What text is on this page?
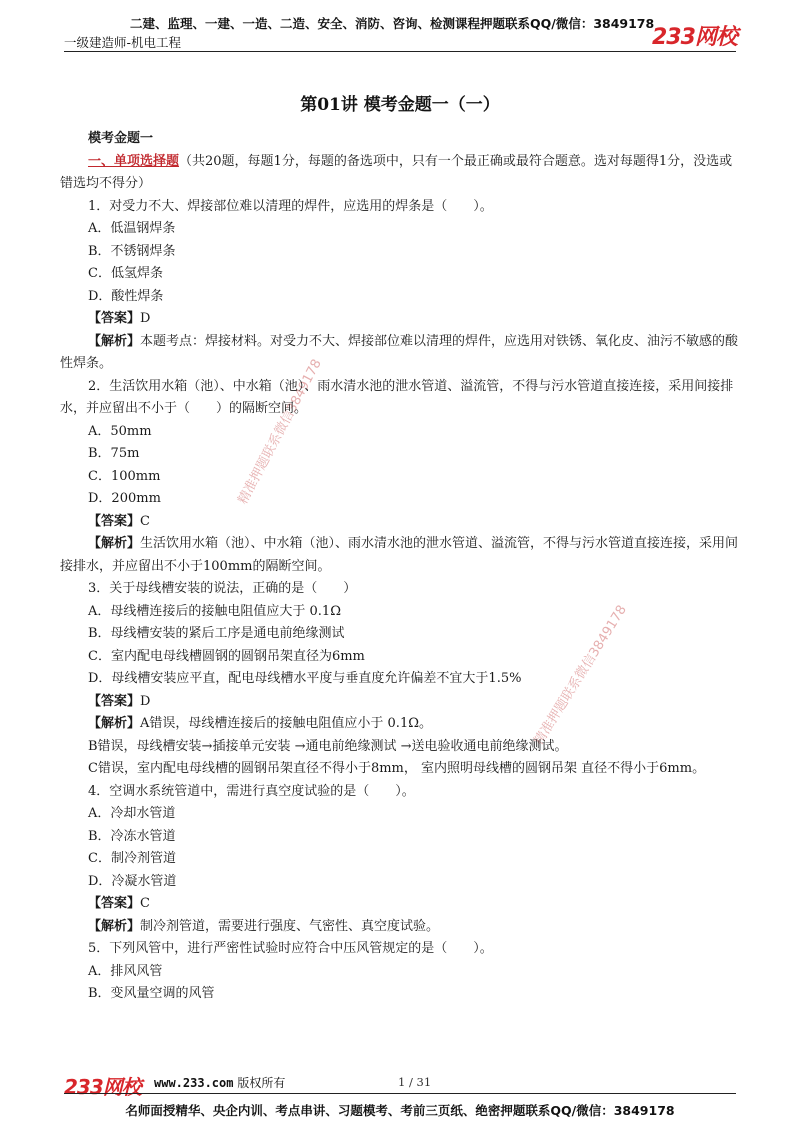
二建、监理、一建、一造、二造、安全、消防、咨询、检测课程押题联系QQ/微信：3849178
一级建造师-机电工程	233网校
第01讲 模考金题一（一）
精准押题联系微信3849178
精准押题联系微信3849178

模考金题一

一、单项选择题（共20题，每题1分，每题的备选项中，只有一个最正确或最符合题意。选对每题得1分，没选或错选均不得分）

1．对受力不大、焊接部位难以清理的焊件，应选用的焊条是（　　）。

A．低温钢焊条

B．不锈钢焊条

C．低氢焊条

D．酸性焊条

【答案】D

【解析】本题考点：焊接材料。对受力不大、焊接部位难以清理的焊件，应选用对铁锈、氧化皮、油污不敏感的酸性焊条。

2．生活饮用水箱（池）、中水箱（池）、雨水清水池的泄水管道、溢流管，不得与污水管道直接连接，采用间接排水，并应留出不小于（　　）的隔断空间。

A．50mm

B．75m

C．100mm

D．200mm

【答案】C

【解析】生活饮用水箱（池）、中水箱（池）、雨水清水池的泄水管道、溢流管，不得与污水管道直接连接，采用间接排水，并应留出不小于100mm的隔断空间。

3．关于母线槽安装的说法，正确的是（　　）

A．母线槽连接后的接触电阻值应大于 0.1Ω

B．母线槽安装的紧后工序是通电前绝缘测试

C．室内配电母线槽圆钢的圆钢吊架直径为6mm

D．母线槽安装应平直，配电母线槽水平度与垂直度允许偏差不宜大于1.5%

【答案】D

【解析】A错误，母线槽连接后的接触电阻值应小于 0.1Ω。

B错误，母线槽安装→插接单元安装 →通电前绝缘测试 →送电验收通电前绝缘测试。

C错误，室内配电母线槽的圆钢吊架直径不得小于8mm， 室内照明母线槽的圆钢吊架 直径不得小于6mm。

4．空调水系统管道中，需进行真空度试验的是（　　）。

A．冷却水管道

B．冷冻水管道

C．制冷剂管道

D．冷凝水管道

【答案】C

【解析】制冷剂管道，需要进行强度、气密性、真空度试验。

5．下列风管中，进行严密性试验时应符合中压风管规定的是（　　）。

A．排风风管

B．变风量空调的风管

233网校 www.233.com 版权所有	1 / 31
名师面授精华、央企内训、考点串讲、习题模考、考前三页纸、绝密押题联系QQ/微信：3849178
